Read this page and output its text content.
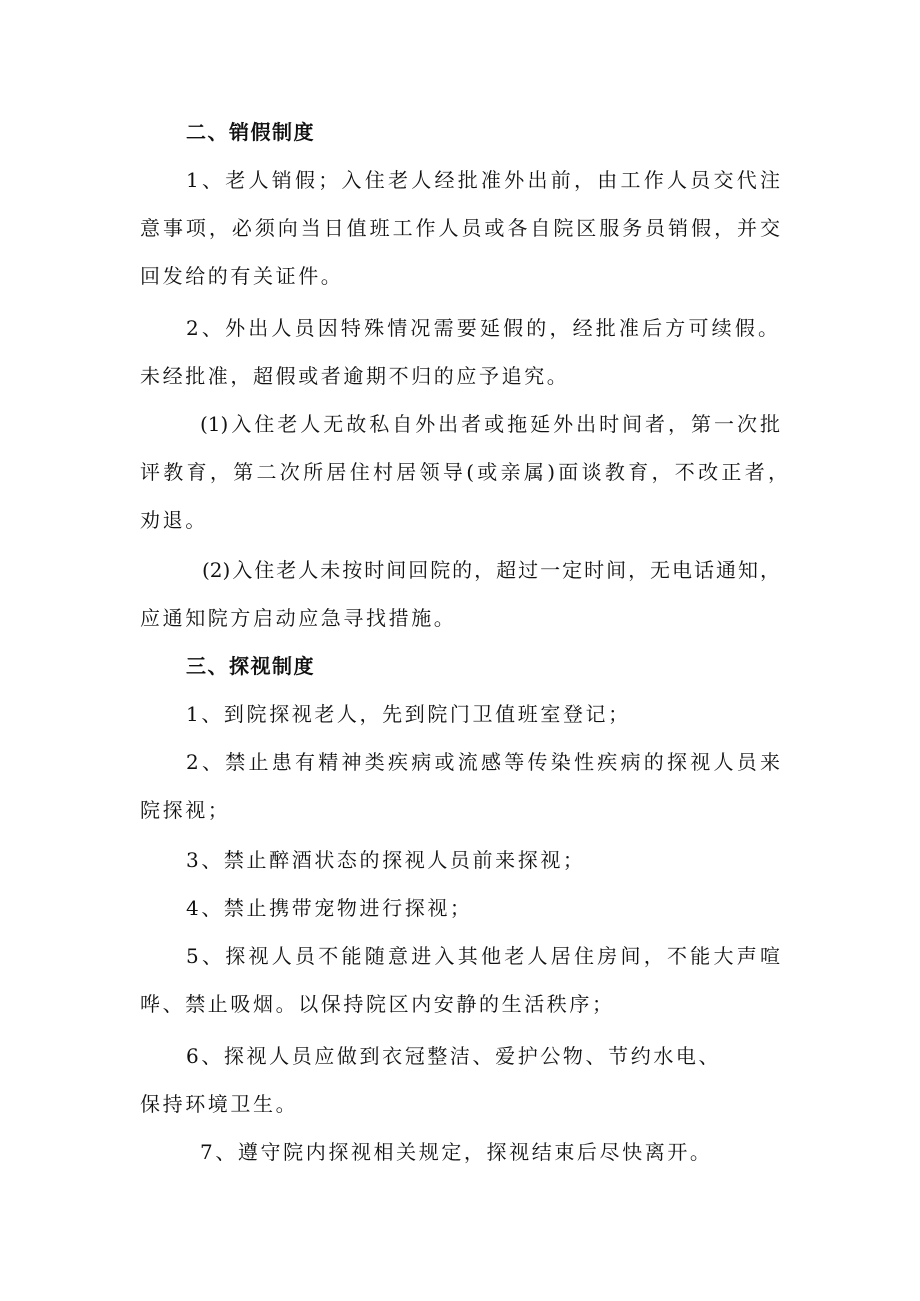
二、销假制度
1、老人销假；入住老人经批准外出前，由工作人员交代注
意事项，必须向当日值班工作人员或各自院区服务员销假，并交
回发给的有关证件。
2、外出人员因特殊情况需要延假的，经批准后方可续假。
未经批准，超假或者逾期不归的应予追究。
(1)入住老人无故私自外出者或拖延外出时间者，第一次批
评教育，第二次所居住村居领导(或亲属)面谈教育，不改正者，
劝退。
(2)入住老人未按时间回院的，超过一定时间，无电话通知，
应通知院方启动应急寻找措施。
三、探视制度
1、到院探视老人，先到院门卫值班室登记；
2、禁止患有精神类疾病或流感等传染性疾病的探视人员来
院探视；
3、禁止醉酒状态的探视人员前来探视；
4、禁止携带宠物进行探视；
5、探视人员不能随意进入其他老人居住房间，不能大声喧
哗、禁止吸烟。以保持院区内安静的生活秩序；
6、探视人员应做到衣冠整洁、爱护公物、节约水电、
保持环境卫生。
7、遵守院内探视相关规定，探视结束后尽快离开。
